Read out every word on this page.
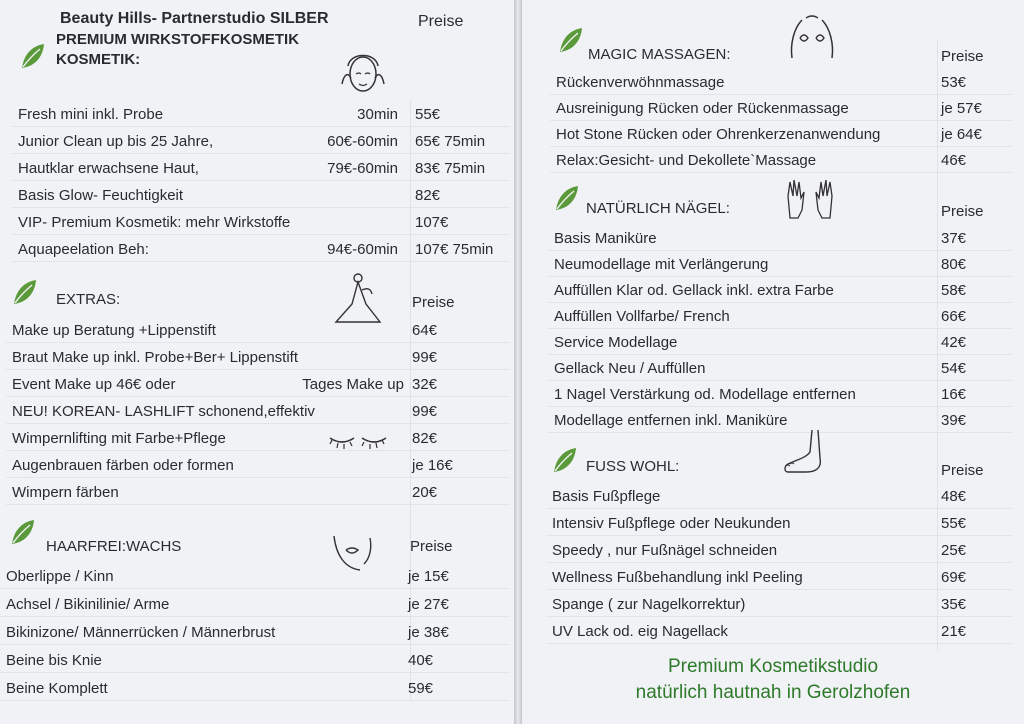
Beauty Hills- Partnerstudio SILBER	Preise
PREMIUM WIRKSTOFFKOSMETIK
KOSMETIK:
Fresh mini inkl. Probe	30min 55€
Junior Clean up bis 25 Jahre,	60€-60min 65€ 75min
Hautklar erwachsene Haut,	79€-60min 83€ 75min
Basis Glow- Feuchtigkeit	82€
VIP- Premium Kosmetik: mehr Wirkstoffe	107€
Aquapeelation Beh:	94€-60min 107€ 75min
EXTRAS:	Preise
Make up Beratung +Lippenstift	64€
Braut Make up inkl. Probe+Ber+ Lippenstift	99€
Event Make up 46€ oder	Tages Make up 32€
NEU! KOREAN- LASHLIFT schonend,effektiv	99€
Wimpernlifting mit Farbe+Pflege	82€
Augenbrauen färben oder formen	je 16€
Wimpern färben	20€
HAARFREI:WACHS	Preise
Oberlippe / Kinn	je 15€
Achsel / Bikinilinie/ Arme	je 27€
Bikinizone/ Männerrücken / Männerbrust	je 38€
Beine bis Knie	40€
Beine Komplett	59€
MAGIC MASSAGEN:	Preise
Rückenverwöhnmassage	53€
Ausreinigung Rücken oder Rückenmassage	je 57€
Hot Stone Rücken oder Ohrenkerzenanwendung	je 64€
Relax:Gesicht- und Dekollete`Massage	46€
NATÜRLICH NÄGEL:	Preise
Basis Maniküre	37€
Neumodellage mit Verlängerung	80€
Auffüllen Klar od. Gellack inkl. extra Farbe	58€
Auffüllen Vollfarbe/ French	66€
Service Modellage	42€
Gellack Neu / Auffüllen	54€
1 Nagel Verstärkung od. Modellage entfernen	16€
Modellage entfernen inkl. Maniküre	39€
FUSS WOHL:	Preise
Basis Fußpflege	48€
Intensiv Fußpflege oder Neukunden	55€
Speedy , nur Fußnägel schneiden	25€
Wellness Fußbehandlung inkl Peeling	69€
Spange ( zur Nagelkorrektur)	35€
UV Lack od. eig Nagellack	21€
Premium Kosmetikstudio
natürlich hautnah in Gerolzhofen
